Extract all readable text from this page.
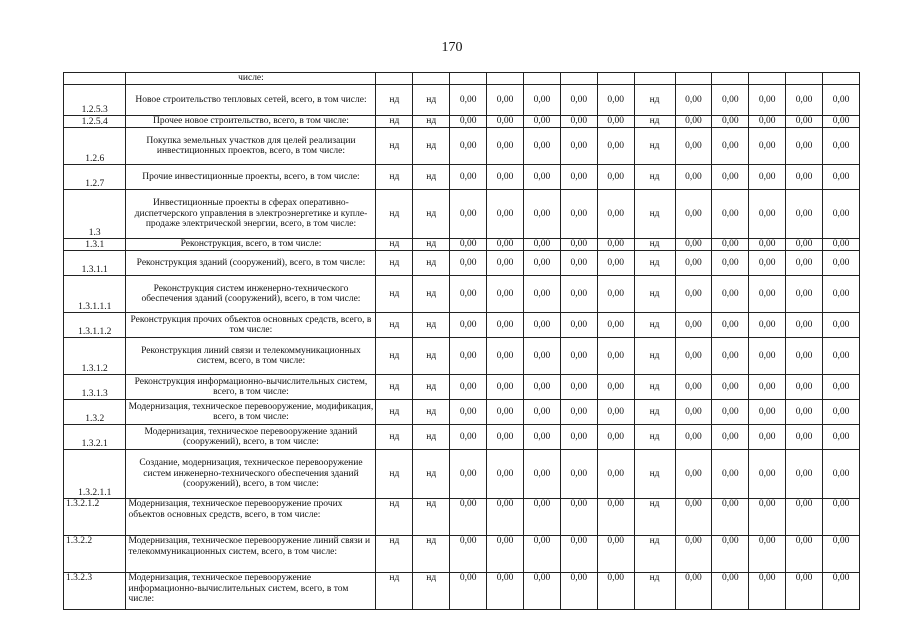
170
	числе:													
1.2.5.3	Новое строительство тепловых сетей, всего, в том числе:	нд	нд	0,00	0,00	0,00	0,00	0,00	нд	0,00	0,00	0,00	0,00	0,00
1.2.5.4	Прочее новое строительство, всего, в том числе:	нд	нд	0,00	0,00	0,00	0,00	0,00	нд	0,00	0,00	0,00	0,00	0,00
1.2.6	Покупка земельных участков для целей реализации инвестиционных проектов, всего, в том числе:	нд	нд	0,00	0,00	0,00	0,00	0,00	нд	0,00	0,00	0,00	0,00	0,00
1.2.7	Прочие инвестиционные проекты, всего, в том числе:	нд	нд	0,00	0,00	0,00	0,00	0,00	нд	0,00	0,00	0,00	0,00	0,00
1.3	Инвестиционные проекты в сферах оперативно-диспетчерского управления в электроэнергетике и купле-продаже электрической энергии, всего, в том числе:	нд	нд	0,00	0,00	0,00	0,00	0,00	нд	0,00	0,00	0,00	0,00	0,00
1.3.1	Реконструкция, всего, в том числе:	нд	нд	0,00	0,00	0,00	0,00	0,00	нд	0,00	0,00	0,00	0,00	0,00
1.3.1.1	Реконструкция зданий (сооружений), всего, в том числе:	нд	нд	0,00	0,00	0,00	0,00	0,00	нд	0,00	0,00	0,00	0,00	0,00
1.3.1.1.1	Реконструкция систем инженерно-технического обеспечения зданий (сооружений), всего, в том числе:	нд	нд	0,00	0,00	0,00	0,00	0,00	нд	0,00	0,00	0,00	0,00	0,00
1.3.1.1.2	Реконструкция прочих объектов основных средств, всего, в том числе:	нд	нд	0,00	0,00	0,00	0,00	0,00	нд	0,00	0,00	0,00	0,00	0,00
1.3.1.2	Реконструкция линий связи и телекоммуникационных систем, всего, в том числе:	нд	нд	0,00	0,00	0,00	0,00	0,00	нд	0,00	0,00	0,00	0,00	0,00
1.3.1.3	Реконструкция информационно-вычислительных систем, всего, в том числе:	нд	нд	0,00	0,00	0,00	0,00	0,00	нд	0,00	0,00	0,00	0,00	0,00
1.3.2	Модернизация, техническое перевооружение, модификация, всего, в том числе:	нд	нд	0,00	0,00	0,00	0,00	0,00	нд	0,00	0,00	0,00	0,00	0,00
1.3.2.1	Модернизация, техническое перевооружение зданий (сооружений), всего, в том числе:	нд	нд	0,00	0,00	0,00	0,00	0,00	нд	0,00	0,00	0,00	0,00	0,00
1.3.2.1.1	Создание, модернизация, техническое перевооружение систем инженерно-технического обеспечения зданий (сооружений), всего, в том числе:	нд	нд	0,00	0,00	0,00	0,00	0,00	нд	0,00	0,00	0,00	0,00	0,00
1.3.2.1.2	Модернизация, техническое перевооружение прочих объектов основных средств, всего, в том числе:	нд	нд	0,00	0,00	0,00	0,00	0,00	нд	0,00	0,00	0,00	0,00	0,00
1.3.2.2	Модернизация, техническое перевооружение линий связи и телекоммуникационных систем, всего, в том числе:	нд	нд	0,00	0,00	0,00	0,00	0,00	нд	0,00	0,00	0,00	0,00	0,00
1.3.2.3	Модернизация, техническое перевооружение информационно-вычислительных систем, всего, в том числе:	нд	нд	0,00	0,00	0,00	0,00	0,00	нд	0,00	0,00	0,00	0,00	0,00
